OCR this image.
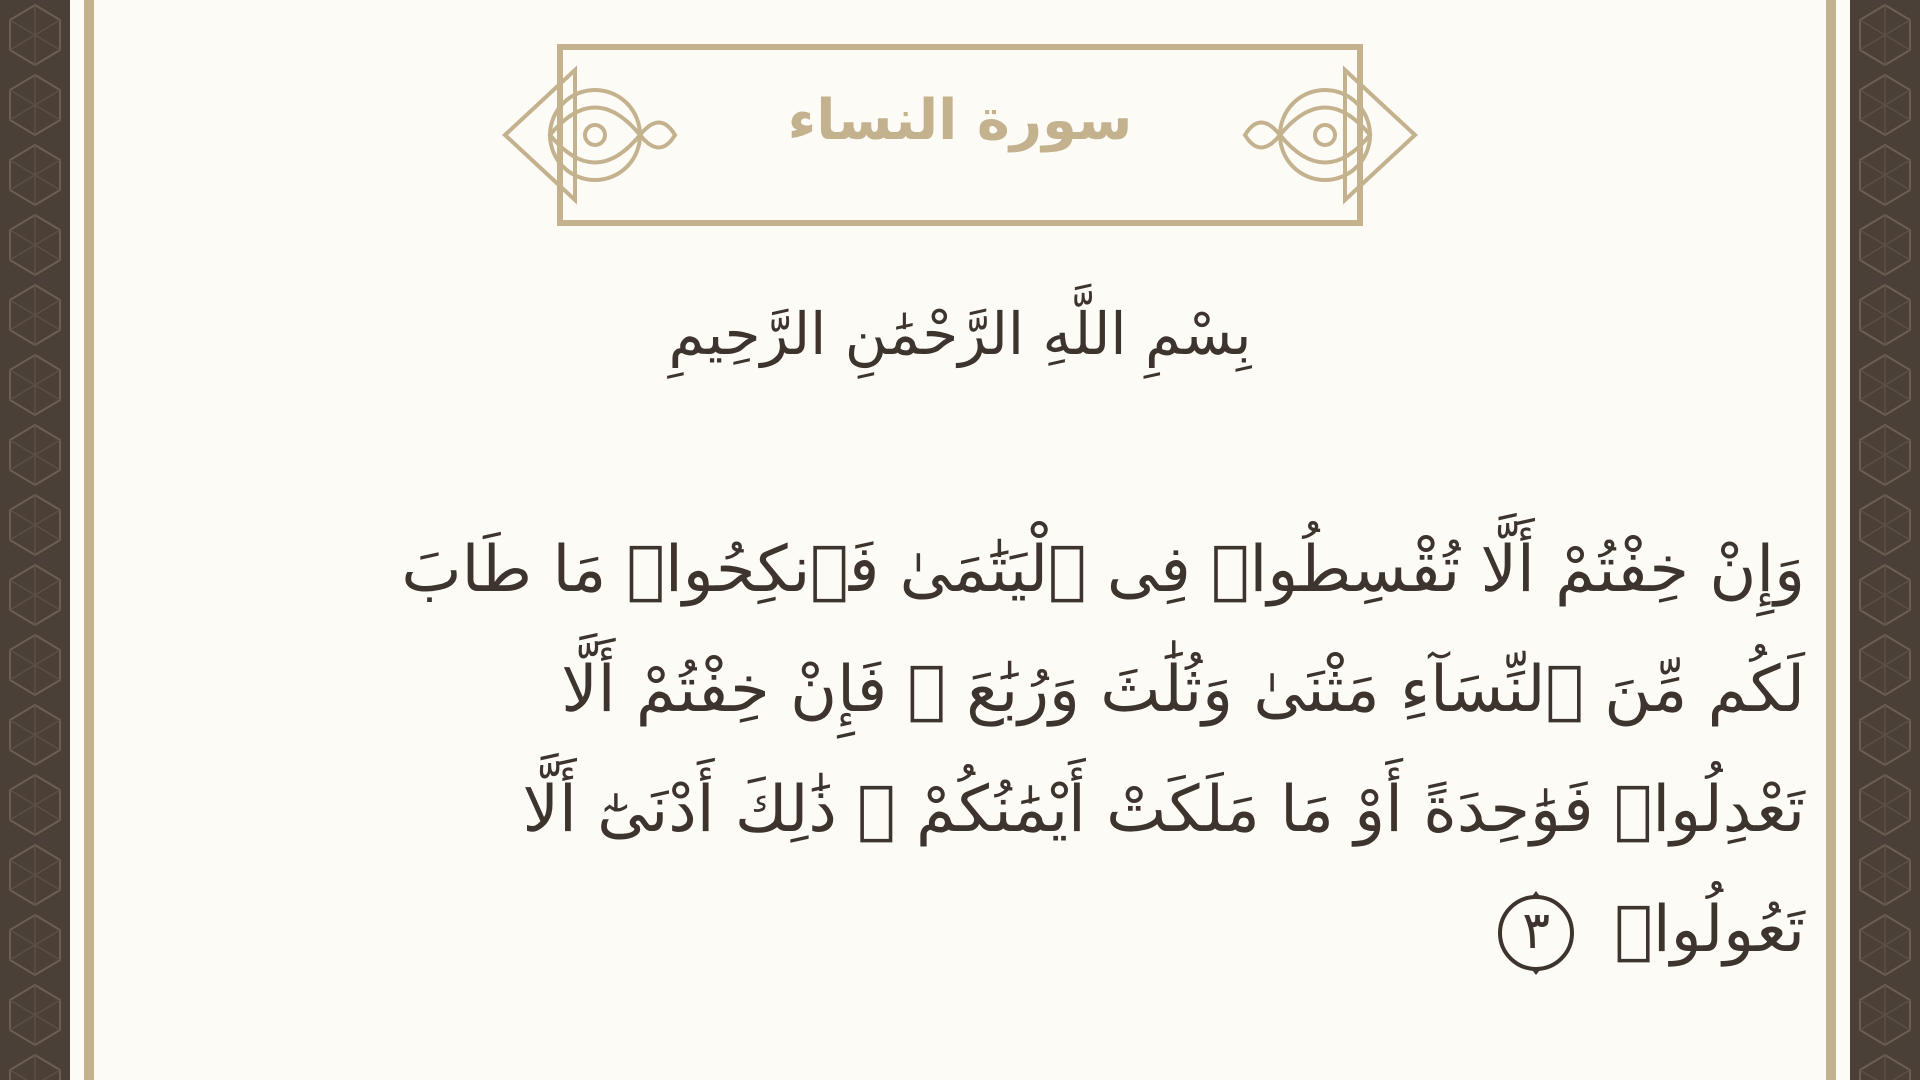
سورة النساء
بِسْمِ اللَّهِ الرَّحْمَٰنِ الرَّحِيمِ
وَإِنْ خِفْتُمْ أَلَّا تُقْسِطُوا۟ فِى ٱلْيَتَٰمَىٰ فَٱنكِحُوا۟ مَا طَابَ لَكُم مِّنَ ٱلنِّسَآءِ مَثْنَىٰ وَثُلَٰثَ وَرُبَٰعَ ۖ فَإِنْ خِفْتُمْ أَلَّا تَعْدِلُوا۟ فَوَٰحِدَةً أَوْ مَا مَلَكَتْ أَيْمَٰنُكُمْ ۚ ذَٰلِكَ أَدْنَىٰٓ أَلَّا تَعُولُوا۟
٣
